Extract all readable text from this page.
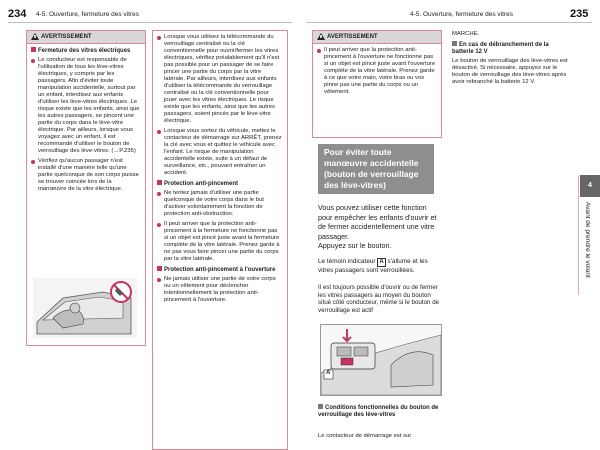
234 4-5. Ouverture, fermeture des vitres
AVERTISSEMENT
Fermeture des vitres électriques
Le conducteur est responsable de l'utilisation de tous les lève-vitres électriques, y compris par les passagers. Afin d'éviter toute manipulation accidentelle, surtout par un enfant, interdisez aux enfants d'utiliser les lève-vitres électriques. Le risque existe que les enfants, ainsi que les autres passagers, se pincent une partie du corps dans le lève-vitre électrique. Par ailleurs, lorsque vous voyagez avec un enfant, il est recommandé d'utiliser le bouton de verrouillage des lève-vitres. (→P.235)
Vérifiez qu'aucun passager n'est installé d'une manière telle qu'une partie quelconque de son corps puisse se trouver coincée lors de la manœuvre de la vitre électrique.
Lorsque vous utilisez la télécommande du verrouillage centralisé ou la clé conventionnelle pour ouvrir/fermer les vitres électriques, vérifiez préalablement qu'il n'est pas possible pour un passager de se faire pincer une partie du corps par la vitre latérale. Par ailleurs, interdisez aux enfants d'utiliser la télécommande du verrouillage centralisé ou la clé conventionnelle pour jouer avec les vitres électriques. Le risque existe que les enfants, ainsi que les autres passagers, soient pincés par le lève-vitre électrique.
Lorsque vous sortez du véhicule, mettez le contacteur de démarrage sur ARRÊT, prenez la clé avec vous et quittez le véhicule avec l'enfant. Le risque de manipulation accidentelle existe, suite à un défaut de surveillance, etc., pouvant entraîner un accident.
Protection anti-pincement
Ne tentez jamais d'utiliser une partie quelconque de votre corps dans le but d'activer volontairement la fonction de protection anti-obstruction.
Il peut arriver que la protection anti-pincement à la fermeture ne fonctionne pas si un objet est pincé juste avant la fermeture complète de la vitre latérale. Prenez garde à ne pas vous faire pincer une partie du corps par la vitre latérale.
Protection anti-pincement à l'ouverture
Ne jamais utiliser une partie de votre corps ou un vêtement pour déclencher intentionnellement la protection anti-pincement à l'ouverture.
4-5. Ouverture, fermeture des vitres	235
AVERTISSEMENT
Il peut arriver que la protection anti-pincement à l'ouverture ne fonctionne pas si un objet est pincé juste avant l'ouverture complète de la vitre latérale. Prenez garde à ce que votre main, votre bras ou vos pinne pas une partie du corps ou un vêtement.
Pour éviter toute
manœuvre accidentelle
(bouton de verrouillage
des lève-vitres)
Vous pouvez utiliser cette fonction pour empêcher les enfants d'ouvrir et de fermer accidentellement une vitre passager.
Appuyez sur le bouton.
Le témoin indicateur A s'allume et les vitres passagers sont verrouillées.
Il est toujours possible d'ouvrir ou de fermer les vitres passagers au moyen du bouton situé côté conducteur, même si le bouton de verrouillage est actif
A
Conditions fonctionnelles du bouton de verrouillage des lève-vitres
Le contacteur de démarrage est sur
MARCHE.
En cas de débranchement de la batterie 12 V
Le bouton de verrouillage des lève-vitres est désactivé. Si nécessaire, appuyez sur le bouton de verrouillage des lève-vitres après avoir rebranché la batterie 12 V.
4
Avant de prendre le volant
